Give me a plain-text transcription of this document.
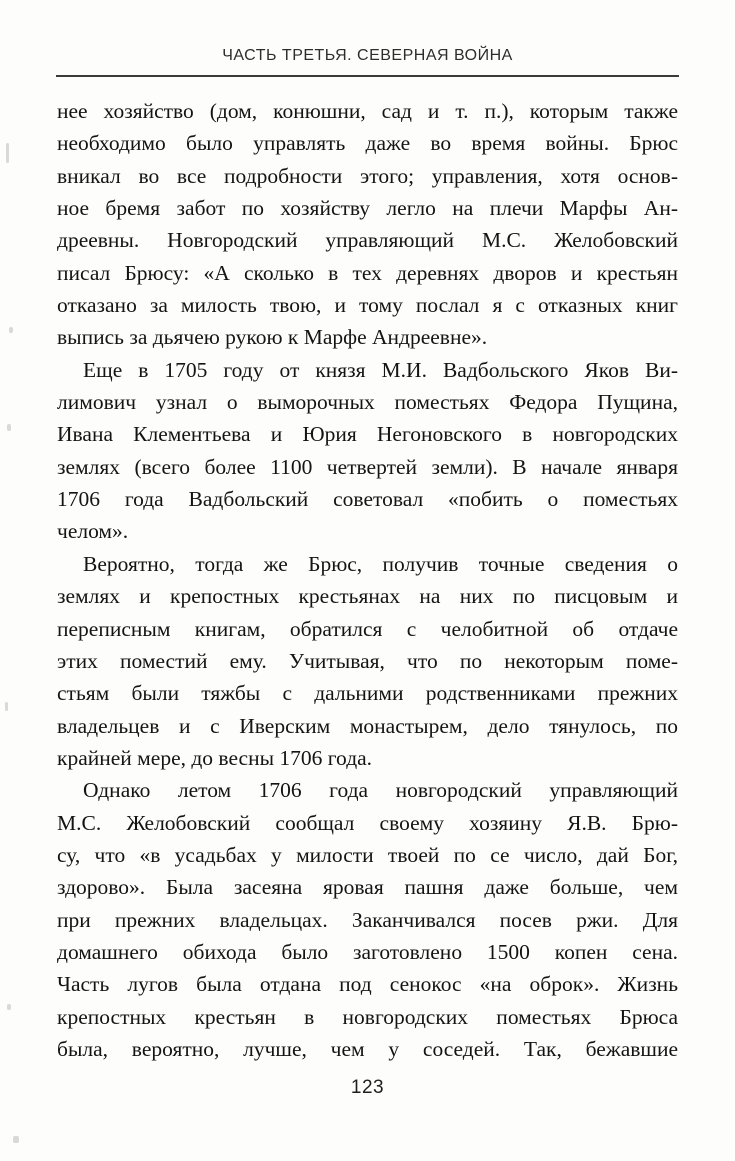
ЧАСТЬ ТРЕТЬЯ. СЕВЕРНАЯ ВОЙНА
нее хозяйство (дом, конюшни, сад и т. п.), которым также
необходимо было управлять даже во время войны. Брюс
вникал во все подробности этого; управления, хотя основ-
ное бремя забот по хозяйству легло на плечи Марфы Ан-
дреевны. Новгородский управляющий М.С. Желобовский
писал Брюсу: «А сколько в тех деревнях дворов и крестьян
отказано за милость твою, и тому послал я с отказных книг
выпись за дьячею рукою к Марфе Андреевне».
Еще в 1705 году от князя М.И. Вадбольского Яков Ви-
лимович узнал о выморочных поместьях Федора Пущина,
Ивана Клементьева и Юрия Негоновского в новгородских
землях (всего более 1100 четвертей земли). В начале января
1706 года Вадбольский советовал «побить о поместьях
челом».
Вероятно, тогда же Брюс, получив точные сведения о
землях и крепостных крестьянах на них по писцовым и
переписным книгам, обратился с челобитной об отдаче
этих поместий ему. Учитывая, что по некоторым поме-
стьям были тяжбы с дальними родственниками прежних
владельцев и с Иверским монастырем, дело тянулось, по
крайней мере, до весны 1706 года.
Однако летом 1706 года новгородский управляющий
М.С. Желобовский сообщал своему хозяину Я.В. Брю-
су, что «в усадьбах у милости твоей по се число, дай Бог,
здорово». Была засеяна яровая пашня даже больше, чем
при прежних владельцах. Заканчивался посев ржи. Для
домашнего обихода было заготовлено 1500 копен сена.
Часть лугов была отдана под сенокос «на оброк». Жизнь
крепостных крестьян в новгородских поместьях Брюса
была, вероятно, лучше, чем у соседей. Так, бежавшие
123
